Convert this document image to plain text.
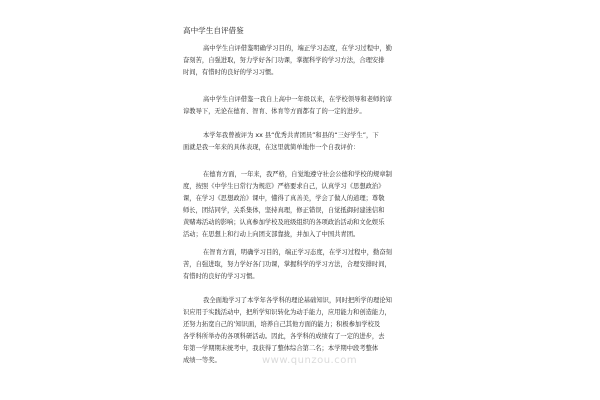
高中学生自评借鉴
高中学生自评借鉴明确学习目的，端正学习态度，在学习过程中，勤
奋刻苦，自强进取，努力学好各门功课，掌握科学的学习方法，合理安排
时间，有惜时的良好的学习习惯。
高中学生自评借鉴一我自上高中一年级以来，在学校领导和老师的谆
谆教导下，无论在德育、智育、体育等方面都有了的一定的进步。
本学年我曾被评为 xx 县“优秀共青团员”和县的“三好学生”，下
面就是我一年来的具体表现，在这里就简单地作一个自我评价：
在德育方面，一年来，我严格，自觉地遵守社会公德和学校的规章制
度，按照《中学生日常行为规范》严格要求自己，认真学习《思想政治》
课，在学习《思想政治》课中，懂得了真善美，学会了做人的道理；尊敬
师长，团结同学，关系集体，坚持真理，修正错误，自觉抵御封建迷信和
黄赌毒活动的影响；认真参加学校及班级组织的各项政治活动和文化娱乐
活动；在思想上和行动上向团支部靠拢，并加入了中国共青团。
在智育方面，明确学习目的，端正学习态度，在学习过程中，勤奋刻
苦，自强进取，努力学好各门功课，掌握科学的学习方法，合理安排时间，
有惜时的良好的学习习惯。
我全面地学习了本学年各学科的理论基础知识，同时把所学的理论知
识应用于实践活动中，把所学知识转化为动手能力，应用能力和创造能力，
还努力拓宽自己的’知识面，培养自己其他方面的能力；积极参加学校及
各学科所举办的各项科研活动。因此，各学科的成绩有了一定的进步，去
年第一学期期末统考中，我获得了整体综合第二名；本学期中段考整体
成绩一等奖。	www.qunzou.com
